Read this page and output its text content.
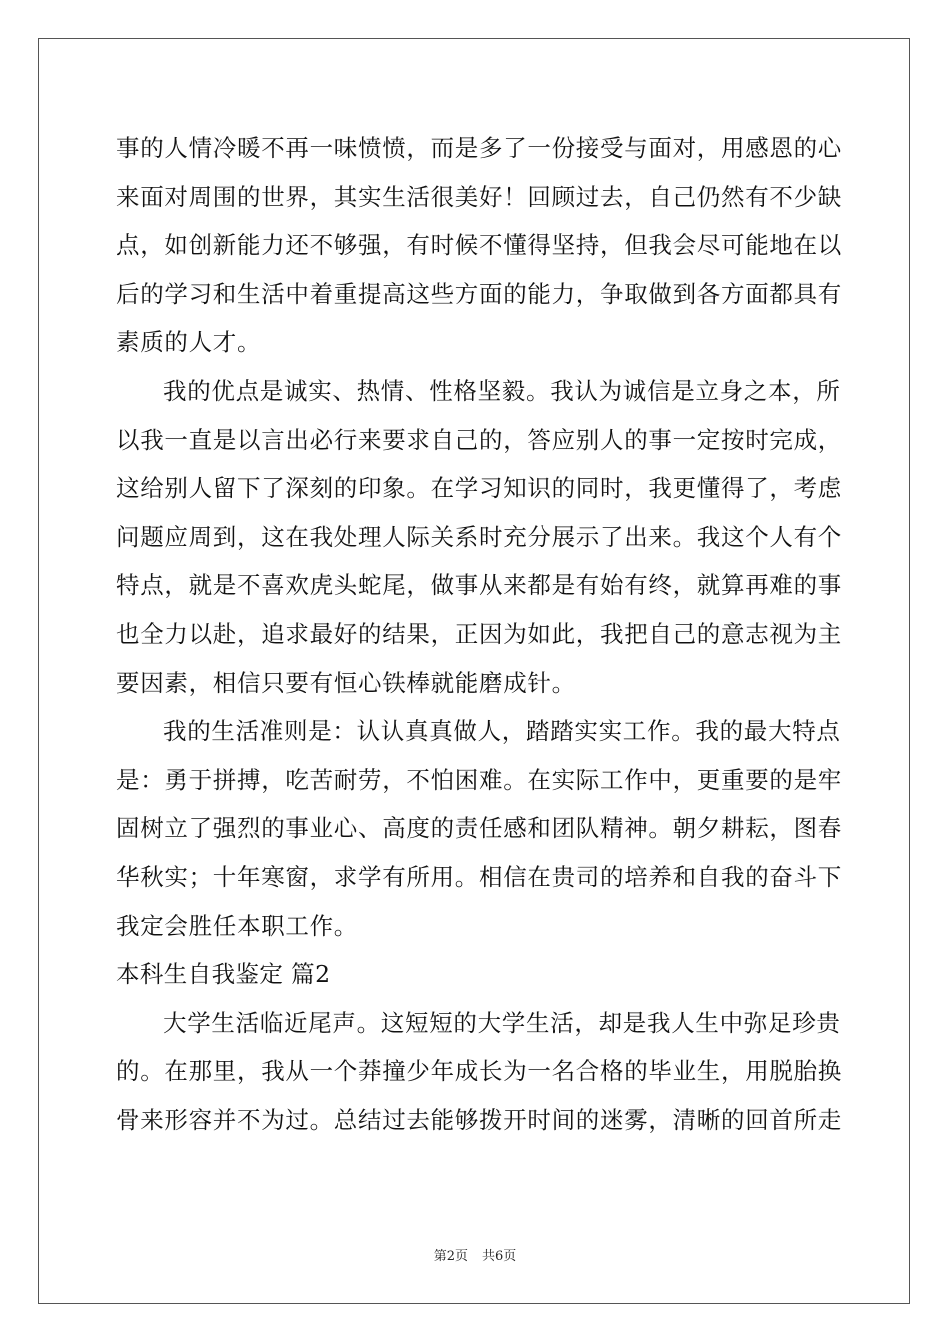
事的人情冷暖不再一味愤愤，而是多了一份接受与面对，用感恩的心
来面对周围的世界，其实生活很美好！回顾过去，自己仍然有不少缺
点，如创新能力还不够强，有时候不懂得坚持，但我会尽可能地在以
后的学习和生活中着重提高这些方面的能力，争取做到各方面都具有
素质的人才。
我的优点是诚实、热情、性格坚毅。我认为诚信是立身之本，所
以我一直是以言出必行来要求自己的，答应别人的事一定按时完成，
这给别人留下了深刻的印象。在学习知识的同时，我更懂得了，考虑
问题应周到，这在我处理人际关系时充分展示了出来。我这个人有个
特点，就是不喜欢虎头蛇尾，做事从来都是有始有终，就算再难的事
也全力以赴，追求最好的结果，正因为如此，我把自己的意志视为主
要因素，相信只要有恒心铁棒就能磨成针。
我的生活准则是：认认真真做人，踏踏实实工作。我的最大特点
是：勇于拼搏，吃苦耐劳，不怕困难。在实际工作中，更重要的是牢
固树立了强烈的事业心、高度的责任感和团队精神。朝夕耕耘，图春
华秋实；十年寒窗，求学有所用。相信在贵司的培养和自我的奋斗下
我定会胜任本职工作。
本科生自我鉴定 篇2
大学生活临近尾声。这短短的大学生活，却是我人生中弥足珍贵
的。在那里，我从一个莽撞少年成长为一名合格的毕业生，用脱胎换
骨来形容并不为过。总结过去能够拨开时间的迷雾，清晰的回首所走
第2页 共6页
